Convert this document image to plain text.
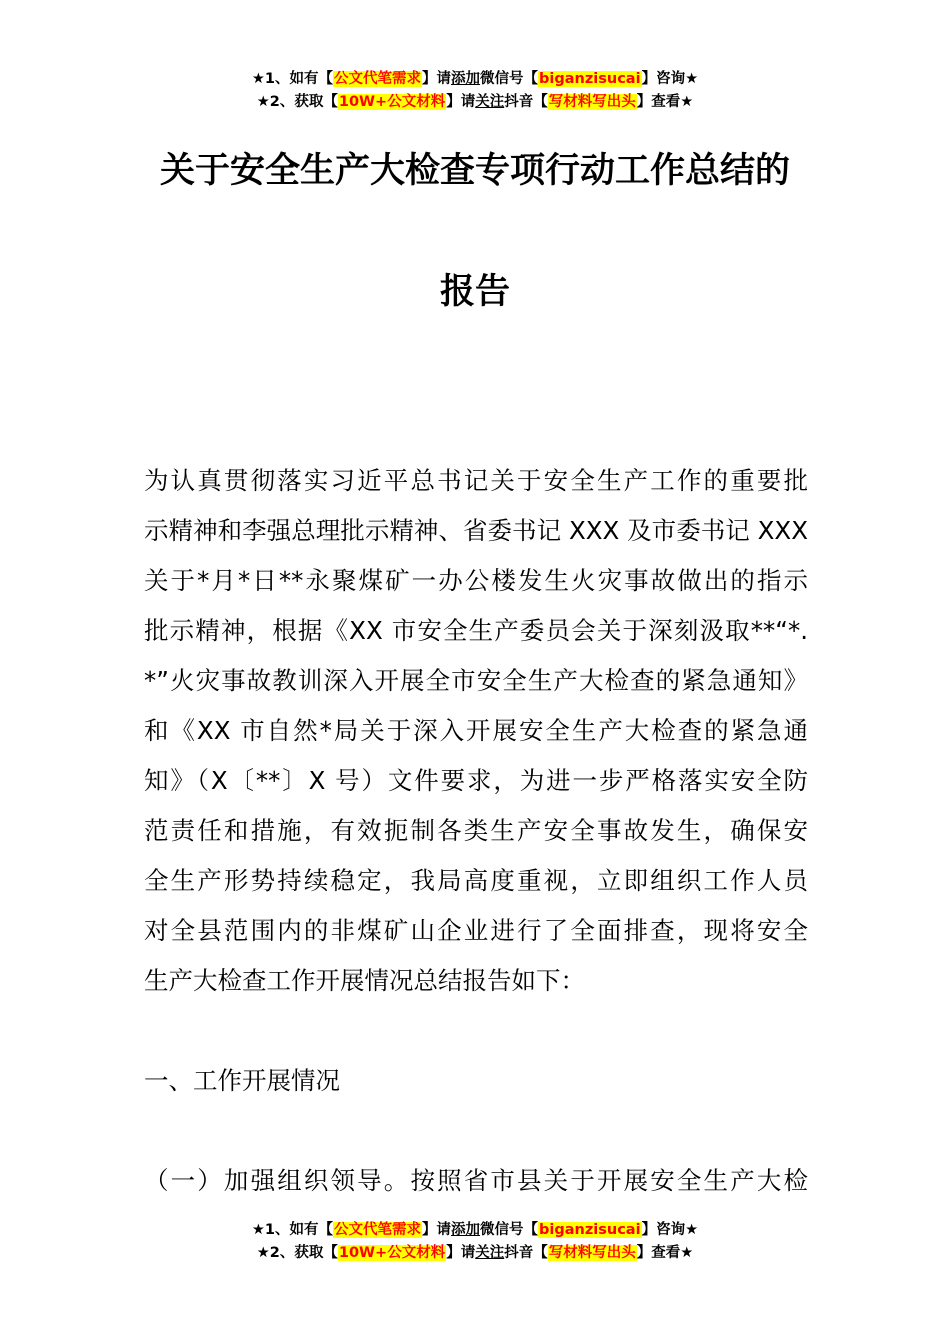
★1、如有【公文代笔需求】请添加微信号【biganzisucai】咨询★
★2、获取【10W+公文材料】请关注抖音【写材料写出头】查看★
关于安全生产大检查专项行动工作总结的
报告
为认真贯彻落实习近平总书记关于安全生产工作的重要批
示精神和李强总理批示精神、省委书记 XXX 及市委书记 XXX
关于*月*日**永聚煤矿一办公楼发生火灾事故做出的指示
批示精神，根据《XX 市安全生产委员会关于深刻汲取**“*.
*”火灾事故教训深入开展全市安全生产大检查的紧急通知》
和《XX 市自然*局关于深入开展安全生产大检查的紧急通
知》（X〔**〕X 号）文件要求，为进一步严格落实安全防
范责任和措施，有效扼制各类生产安全事故发生，确保安
全生产形势持续稳定，我局高度重视，立即组织工作人员
对全县范围内的非煤矿山企业进行了全面排查，现将安全
生产大检查工作开展情况总结报告如下：
一、工作开展情况
（一）加强组织领导。按照省市县关于开展安全生产大检
★1、如有【公文代笔需求】请添加微信号【biganzisucai】咨询★
★2、获取【10W+公文材料】请关注抖音【写材料写出头】查看★
